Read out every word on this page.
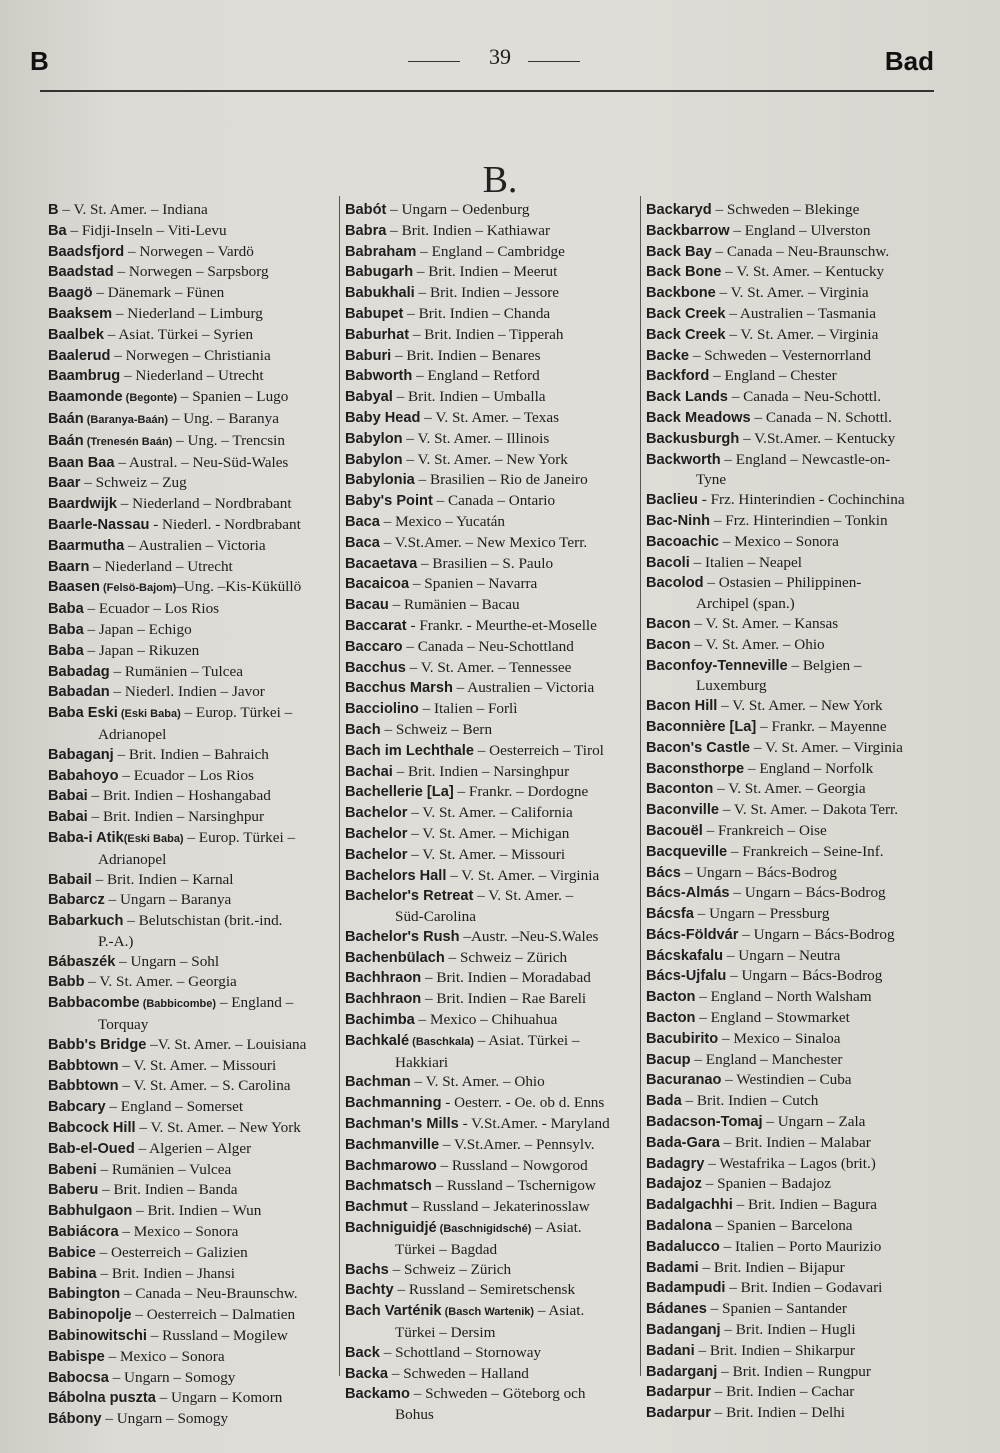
B	39	Bad
B.
B – V. St. Amer. – Indiana
Ba – Fidji-Inseln – Viti-Levu
Baadsfjord – Norwegen – Vardö
Baadstad – Norwegen – Sarpsborg
Baagö – Dänemark – Fünen
Baaksem – Niederland – Limburg
Baalbek – Asiat. Türkei – Syrien
Baalerud – Norwegen – Christiania
Baambrug – Niederland – Utrecht
Baamonde (Begonte) – Spanien – Lugo
Baán (Baranya-Baán) – Ung. – Baranya
Baán (Trenesén Baán) – Ung. – Trencsin
Baan Baa – Austral. – Neu-Süd-Wales
Baar – Schweiz – Zug
Baardwijk – Niederland – Nordbrabant
Baarle-Nassau - Niederl. - Nordbrabant
Baarmutha – Australien – Victoria
Baarn – Niederland – Utrecht
Baasen (Felsö-Bajom)–Ung. –Kis-Küküllö
Baba – Ecuador – Los Rios
Baba – Japan – Echigo
Baba – Japan – Rikuzen
Babadag – Rumänien – Tulcea
Babadan – Niederl. Indien – Javor
Baba Eski (Eski Baba) – Europ. Türkei –
Adrianopel
Babaganj – Brit. Indien – Bahraich
Babahoyo – Ecuador – Los Rios
Babai – Brit. Indien – Hoshangabad
Babai – Brit. Indien – Narsinghpur
Baba-i Atik(Eski Baba) – Europ. Türkei –
Adrianopel
Babail – Brit. Indien – Karnal
Babarcz – Ungarn – Baranya
Babarkuch – Belutschistan (brit.-ind.
P.-A.)
Bábaszék – Ungarn – Sohl
Babb – V. St. Amer. – Georgia
Babbacombe (Babbicombe) – England –
Torquay
Babb's Bridge –V. St. Amer. – Louisiana
Babbtown – V. St. Amer. – Missouri
Babbtown – V. St. Amer. – S. Carolina
Babcary – England – Somerset
Babcock Hill – V. St. Amer. – New York
Bab-el-Oued – Algerien – Alger
Babeni – Rumänien – Vulcea
Baberu – Brit. Indien – Banda
Babhulgaon – Brit. Indien – Wun
Babiácora – Mexico – Sonora
Babice – Oesterreich – Galizien
Babina – Brit. Indien – Jhansi
Babington – Canada – Neu-Braunschw.
Babinopolje – Oesterreich – Dalmatien
Babinowitschi – Russland – Mogilew
Babispe – Mexico – Sonora
Babocsa – Ungarn – Somogy
Bábolna puszta – Ungarn – Komorn
Bábony – Ungarn – Somogy
Babót – Ungarn – Oedenburg
Babra – Brit. Indien – Kathiawar
Babraham – England – Cambridge
Babugarh – Brit. Indien – Meerut
Babukhali – Brit. Indien – Jessore
Babupet – Brit. Indien – Chanda
Baburhat – Brit. Indien – Tipperah
Baburi – Brit. Indien – Benares
Babworth – England – Retford
Babyal – Brit. Indien – Umballa
Baby Head – V. St. Amer. – Texas
Babylon – V. St. Amer. – Illinois
Babylon – V. St. Amer. – New York
Babylonia – Brasilien – Rio de Janeiro
Baby's Point – Canada – Ontario
Baca – Mexico – Yucatán
Baca – V.St.Amer. – New Mexico Terr.
Bacaetava – Brasilien – S. Paulo
Bacaicoa – Spanien – Navarra
Bacau – Rumänien – Bacau
Baccarat - Frankr. - Meurthe-et-Moselle
Baccaro – Canada – Neu-Schottland
Bacchus – V. St. Amer. – Tennessee
Bacchus Marsh – Australien – Victoria
Bacciolino – Italien – Forlì
Bach – Schweiz – Bern
Bach im Lechthale – Oesterreich – Tirol
Bachai – Brit. Indien – Narsinghpur
Bachellerie [La] – Frankr. – Dordogne
Bachelor – V. St. Amer. – California
Bachelor – V. St. Amer. – Michigan
Bachelor – V. St. Amer. – Missouri
Bachelors Hall – V. St. Amer. – Virginia
Bachelor's Retreat – V. St. Amer. –
Süd-Carolina
Bachelor's Rush –Austr. –Neu-S.Wales
Bachenbülach – Schweiz – Zürich
Bachhraon – Brit. Indien – Moradabad
Bachhraon – Brit. Indien – Rae Bareli
Bachimba – Mexico – Chihuahua
Bachkalé (Baschkala) – Asiat. Türkei –
Hakkiari
Bachman – V. St. Amer. – Ohio
Bachmanning - Oesterr. - Oe. ob d. Enns
Bachman's Mills - V.St.Amer. - Maryland
Bachmanville – V.St.Amer. – Pennsylv.
Bachmarowo – Russland – Nowgorod
Bachmatsch – Russland – Tschernigow
Bachmut – Russland – Jekaterinosslaw
Bachniguidjé (Baschnigidsché) – Asiat.
Türkei – Bagdad
Bachs – Schweiz – Zürich
Bachty – Russland – Semiretschensk
Bach Varténik (Basch Wartenik) – Asiat.
Türkei – Dersim
Back – Schottland – Stornoway
Backa – Schweden – Halland
Backamo – Schweden – Göteborg och
Bohus
Backaryd – Schweden – Blekinge
Backbarrow – England – Ulverston
Back Bay – Canada – Neu-Braunschw.
Back Bone – V. St. Amer. – Kentucky
Backbone – V. St. Amer. – Virginia
Back Creek – Australien – Tasmania
Back Creek – V. St. Amer. – Virginia
Backe – Schweden – Vesternorrland
Backford – England – Chester
Back Lands – Canada – Neu-Schottl.
Back Meadows – Canada – N. Schottl.
Backusburgh – V.St.Amer. – Kentucky
Backworth – England – Newcastle-on-
Tyne
Baclieu - Frz. Hinterindien - Cochinchina
Bac-Ninh – Frz. Hinterindien – Tonkin
Bacoachic – Mexico – Sonora
Bacoli – Italien – Neapel
Bacolod – Ostasien – Philippinen-
Archipel (span.)
Bacon – V. St. Amer. – Kansas
Bacon – V. St. Amer. – Ohio
Baconfoy-Tenneville – Belgien –
Luxemburg
Bacon Hill – V. St. Amer. – New York
Baconnière [La] – Frankr. – Mayenne
Bacon's Castle – V. St. Amer. – Virginia
Baconsthorpe – England – Norfolk
Baconton – V. St. Amer. – Georgia
Baconville – V. St. Amer. – Dakota Terr.
Bacouël – Frankreich – Oise
Bacqueville – Frankreich – Seine-Inf.
Bács – Ungarn – Bács-Bodrog
Bács-Almás – Ungarn – Bács-Bodrog
Bácsfa – Ungarn – Pressburg
Bács-Földvár – Ungarn – Bács-Bodrog
Bácskafalu – Ungarn – Neutra
Bács-Ujfalu – Ungarn – Bács-Bodrog
Bacton – England – North Walsham
Bacton – England – Stowmarket
Bacubirito – Mexico – Sinaloa
Bacup – England – Manchester
Bacuranao – Westindien – Cuba
Bada – Brit. Indien – Cutch
Badacson-Tomaj – Ungarn – Zala
Bada-Gara – Brit. Indien – Malabar
Badagry – Westafrika – Lagos (brit.)
Badajoz – Spanien – Badajoz
Badalgachhi – Brit. Indien – Bagura
Badalona – Spanien – Barcelona
Badalucco – Italien – Porto Maurizio
Badami – Brit. Indien – Bijapur
Badampudi – Brit. Indien – Godavari
Bádanes – Spanien – Santander
Badanganj – Brit. Indien – Hugli
Badani – Brit. Indien – Shikarpur
Badarganj – Brit. Indien – Rungpur
Badarpur – Brit. Indien – Cachar
Badarpur – Brit. Indien – Delhi
